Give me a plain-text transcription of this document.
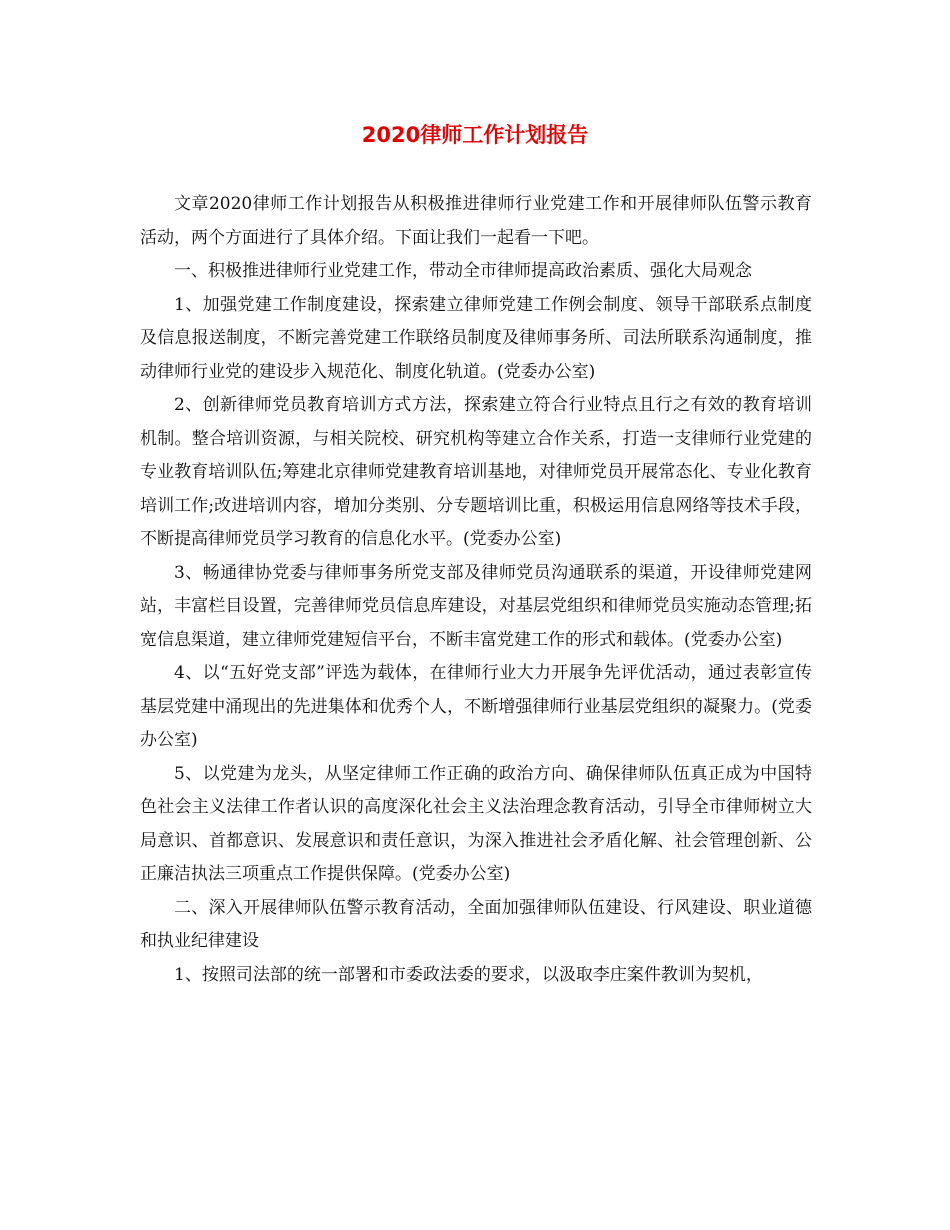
2020律师工作计划报告

文章2020律师工作计划报告从积极推进律师行业党建工作和开展律师队伍警示教育活动，两个方面进行了具体介绍。下面让我们一起看一下吧。

一、积极推进律师行业党建工作，带动全市律师提高政治素质、强化大局观念

1、加强党建工作制度建设，探索建立律师党建工作例会制度、领导干部联系点制度及信息报送制度，不断完善党建工作联络员制度及律师事务所、司法所联系沟通制度，推动律师行业党的建设步入规范化、制度化轨道。(党委办公室)

2、创新律师党员教育培训方式方法，探索建立符合行业特点且行之有效的教育培训机制。整合培训资源，与相关院校、研究机构等建立合作关系，打造一支律师行业党建的专业教育培训队伍;筹建北京律师党建教育培训基地，对律师党员开展常态化、专业化教育培训工作;改进培训内容，增加分类别、分专题培训比重，积极运用信息网络等技术手段，不断提高律师党员学习教育的信息化水平。(党委办公室)

3、畅通律协党委与律师事务所党支部及律师党员沟通联系的渠道，开设律师党建网站，丰富栏目设置，完善律师党员信息库建设，对基层党组织和律师党员实施动态管理;拓宽信息渠道，建立律师党建短信平台，不断丰富党建工作的形式和载体。(党委办公室)

4、以“五好党支部”评选为载体，在律师行业大力开展争先评优活动，通过表彰宣传基层党建中涌现出的先进集体和优秀个人，不断增强律师行业基层党组织的凝聚力。(党委办公室)

5、以党建为龙头，从坚定律师工作正确的政治方向、确保律师队伍真正成为中国特色社会主义法律工作者认识的高度深化社会主义法治理念教育活动，引导全市律师树立大局意识、首都意识、发展意识和责任意识，为深入推进社会矛盾化解、社会管理创新、公正廉洁执法三项重点工作提供保障。(党委办公室)

二、深入开展律师队伍警示教育活动，全面加强律师队伍建设、行风建设、职业道德和执业纪律建设

1、按照司法部的统一部署和市委政法委的要求，以汲取李庄案件教训为契机，
